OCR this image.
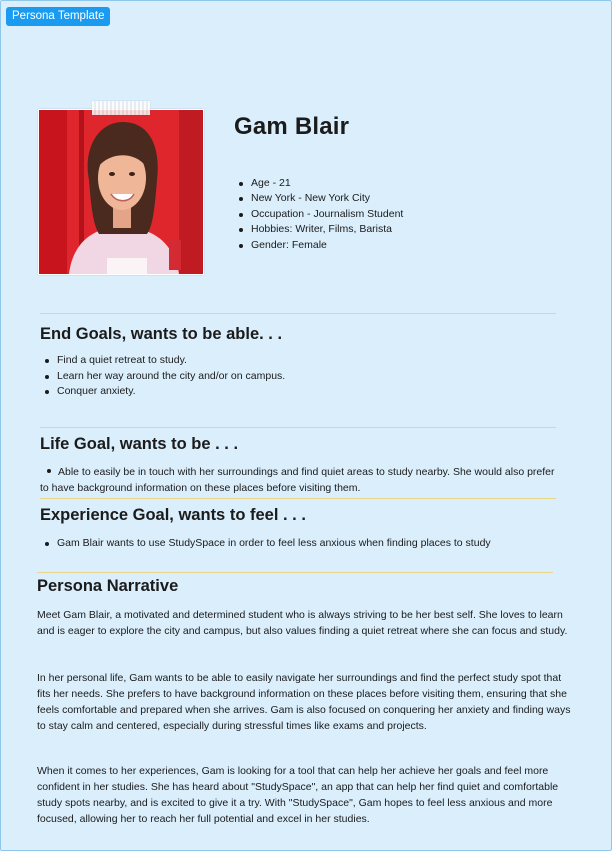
Persona Template
Gam Blair
Age - 21
New York - New York City
Occupation - Journalism Student
Hobbies: Writer, Films, Barista
Gender: Female
End Goals, wants to be able. . .
Find a quiet retreat to study.
Learn her way around the city and/or on campus.
Conquer anxiety.
Life Goal, wants to be . . .
Able to easily be in touch with her surroundings and find quiet areas to study nearby. She would also prefer to have background information on these places before visiting them.
Experience Goal, wants to feel . . .
Gam Blair wants to use StudySpace in order to feel less anxious when finding places to study
Persona Narrative
Meet Gam Blair, a motivated and determined student who is always striving to be her best self. She loves to learn and is eager to explore the city and campus, but also values finding a quiet retreat where she can focus and study.
In her personal life, Gam wants to be able to easily navigate her surroundings and find the perfect study spot that fits her needs. She prefers to have background information on these places before visiting them, ensuring that she feels comfortable and prepared when she arrives. Gam is also focused on conquering her anxiety and finding ways to stay calm and centered, especially during stressful times like exams and projects.
When it comes to her experiences, Gam is looking for a tool that can help her achieve her goals and feel more confident in her studies. She has heard about "StudySpace", an app that can help her find quiet and comfortable study spots nearby, and is excited to give it a try. With "StudySpace", Gam hopes to feel less anxious and more focused, allowing her to reach her full potential and excel in her studies.
